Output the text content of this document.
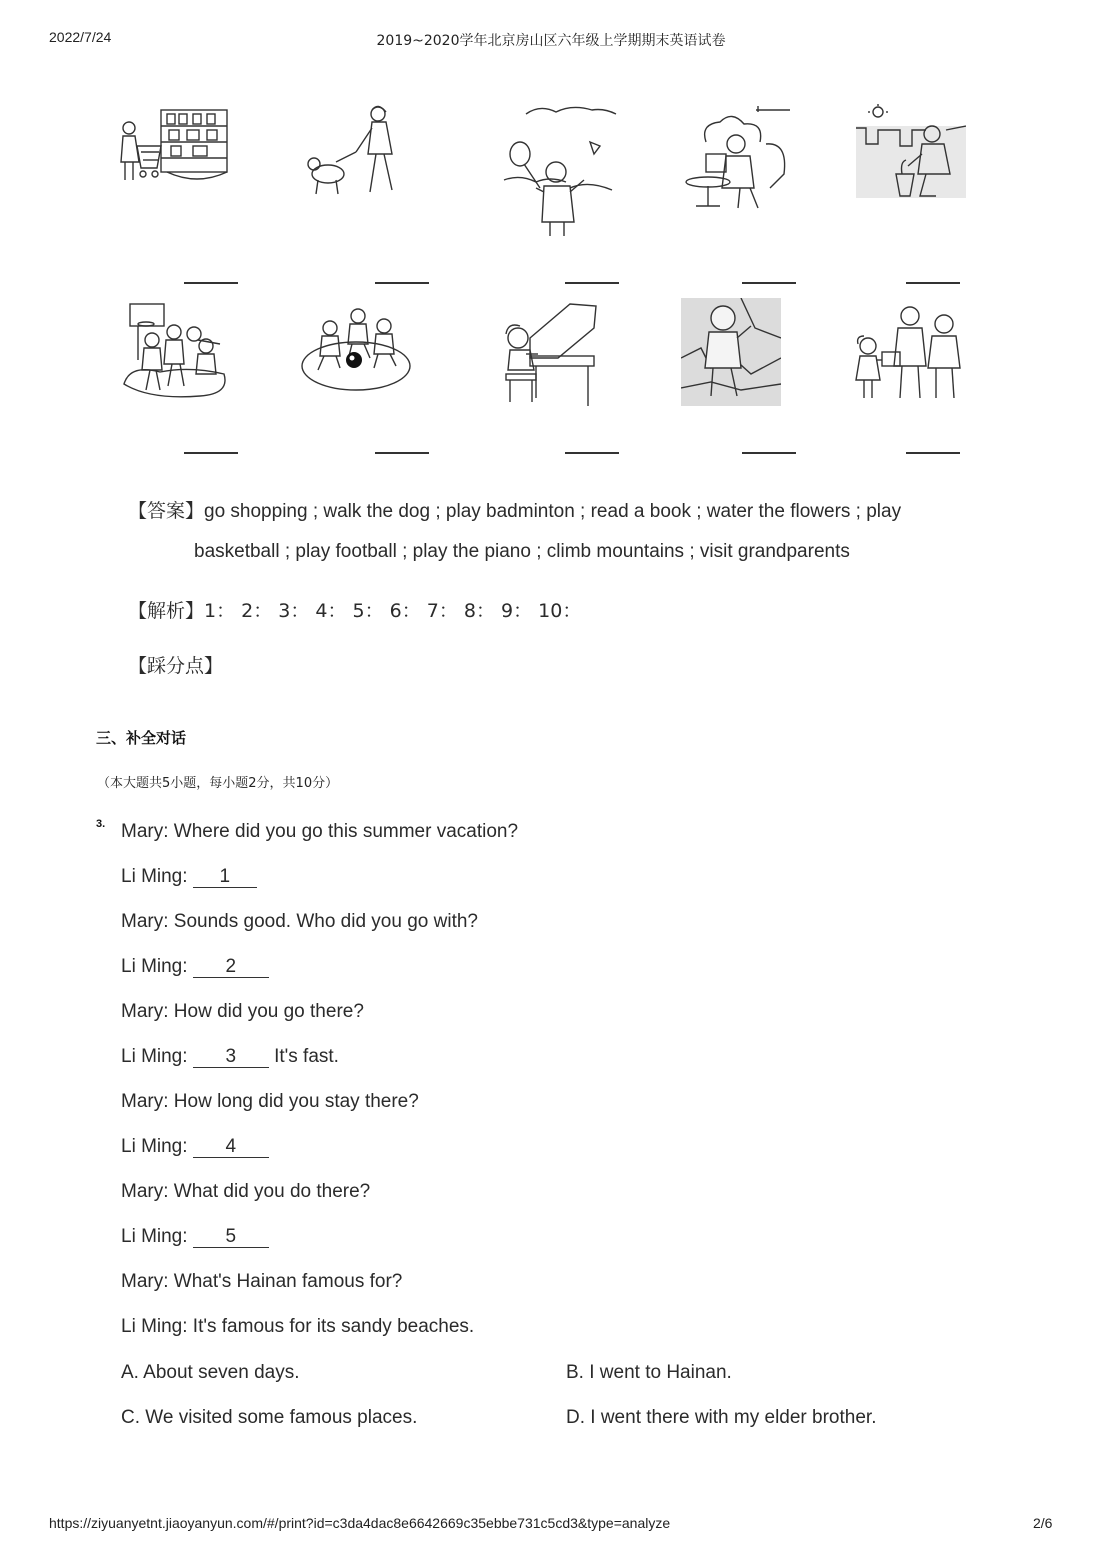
2022/7/24	2019~2020学年北京房山区六年级上学期期末英语试卷
【答案】go shopping ; walk the dog ; play badminton ; read a book ; water the flowers ; play
basketball ; play football ; play the piano ; climb mountains ; visit grandparents
【解析】1： 2： 3： 4： 5： 6： 7： 8： 9： 10：
【踩分点】
三、补全对话
（本大题共5小题，每小题2分，共10分）
3. Mary: Where did you go this summer vacation?
Li Ming: 1
Mary: Sounds good. Who did you go with?
Li Ming: 2
Mary: How did you go there?
Li Ming: 3 It's fast.
Mary: How long did you stay there?
Li Ming: 4
Mary: What did you do there?
Li Ming: 5
Mary: What's Hainan famous for?
Li Ming: It's famous for its sandy beaches.
A. About seven days.	B. I went to Hainan.
C. We visited some famous places.	D. I went there with my elder brother.
https://ziyuanyetnt.jiaoyanyun.com/#/print?id=c3da4dac8e6642669c35ebbe731c5cd3&type=analyze	2/6
